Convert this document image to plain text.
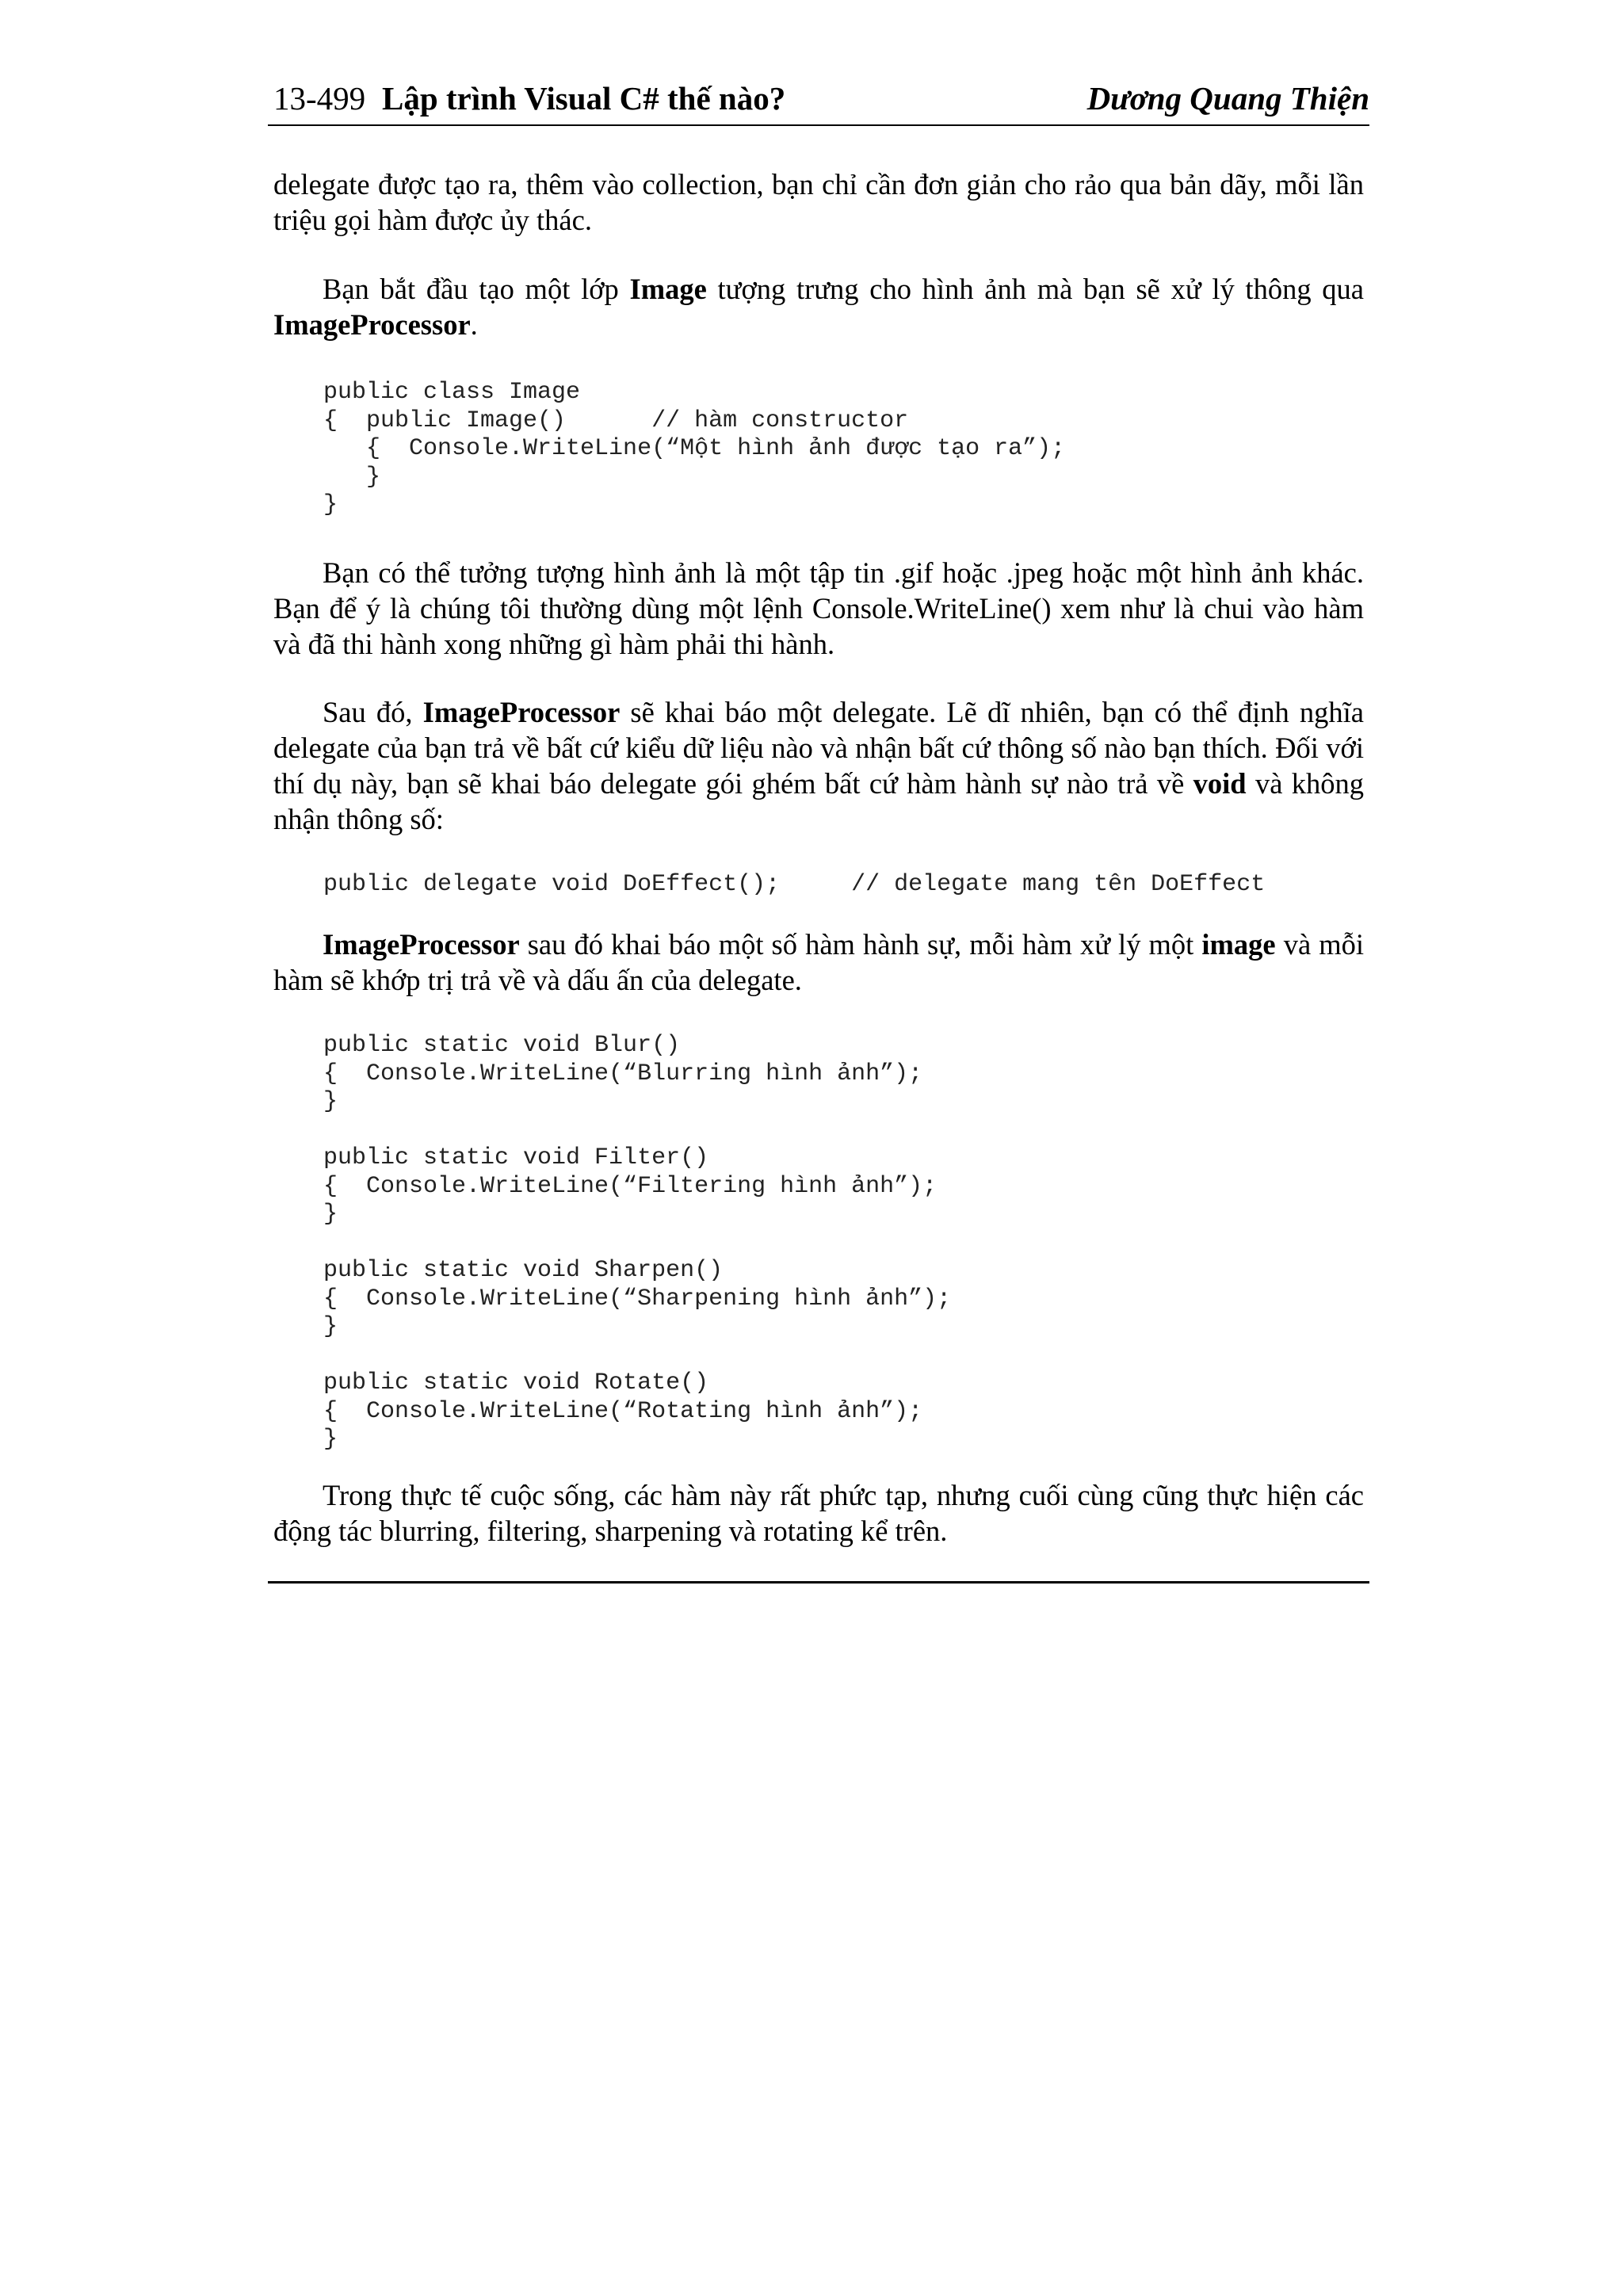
13-499 Lập trình Visual C# thế nào?	Dương Quang Thiện
delegate được tạo ra, thêm vào collection, bạn chỉ cần đơn giản cho rảo qua bản dãy, mỗi lần triệu gọi hàm được ủy thác.
Bạn bắt đầu tạo một lớp Image tượng trưng cho hình ảnh mà bạn sẽ xử lý thông qua ImageProcessor.
public class Image
{  public Image()      // hàm constructor
{  Console.WriteLine(“Một hình ảnh được tạo ra”);
}
}
Bạn có thể tưởng tượng hình ảnh là một tập tin .gif hoặc .jpeg hoặc một hình ảnh khác. Bạn để ý là chúng tôi thường dùng một lệnh Console.WriteLine() xem như là chui vào hàm và đã thi hành xong những gì hàm phải thi hành.
Sau đó, ImageProcessor sẽ khai báo một delegate. Lẽ dĩ nhiên, bạn có thể định nghĩa delegate của bạn trả về bất cứ kiểu dữ liệu nào và nhận bất cứ thông số nào bạn thích. Đối với thí dụ này, bạn sẽ khai báo delegate gói ghém bất cứ hàm hành sự nào trả về void và không nhận thông số:
public delegate void DoEffect();     // delegate mang tên DoEffect
ImageProcessor sau đó khai báo một số hàm hành sự, mỗi hàm xử lý một image và mỗi hàm sẽ khớp trị trả về và dấu ấn của delegate.
public static void Blur()
{  Console.WriteLine(“Blurring hình ảnh”);
}

public static void Filter()
{  Console.WriteLine(“Filtering hình ảnh”);
}

public static void Sharpen()
{  Console.WriteLine(“Sharpening hình ảnh”);
}

public static void Rotate()
{  Console.WriteLine(“Rotating hình ảnh”);
}
Trong thực tế cuộc sống, các hàm này rất phức tạp, nhưng cuối cùng cũng thực hiện các động tác blurring, filtering, sharpening và rotating kể trên.
